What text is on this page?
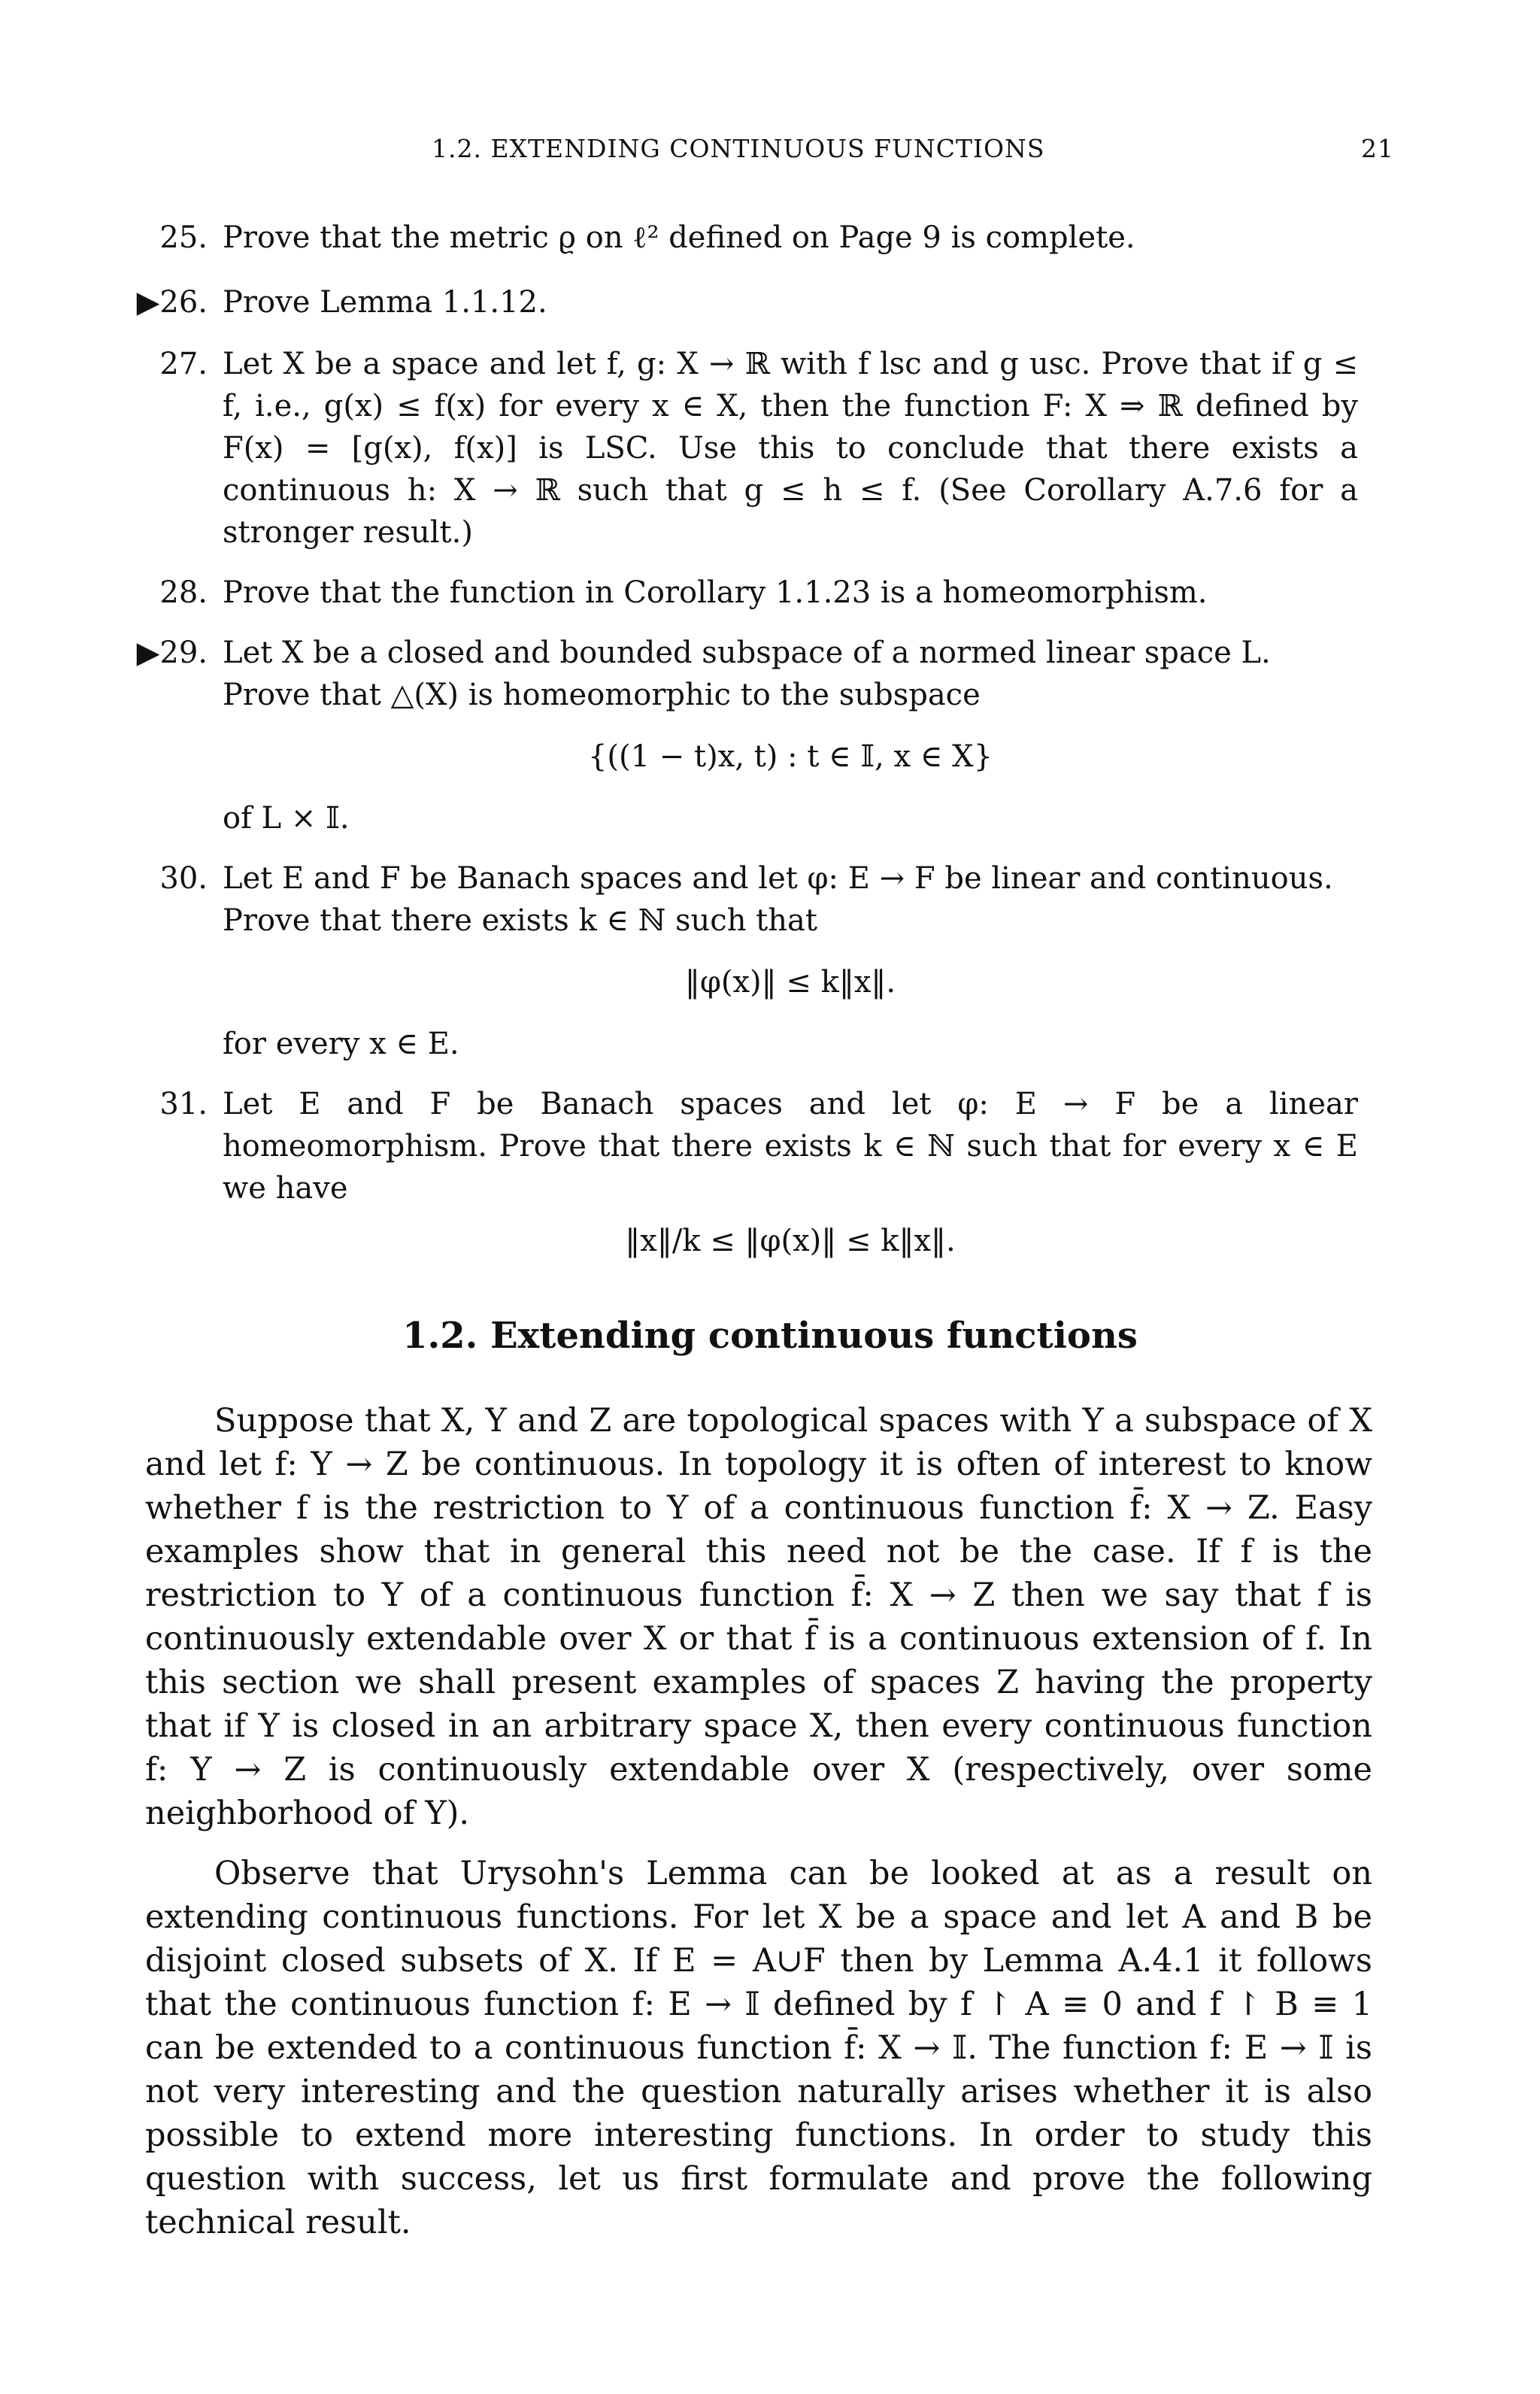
1.2. EXTENDING CONTINUOUS FUNCTIONS	21
25. Prove that the metric ϱ on ℓ² defined on Page 9 is complete.

▶26. Prove Lemma 1.1.12.

27. Let X be a space and let f, g: X → ℝ with f lsc and g usc. Prove that if g ≤ f, i.e., g(x) ≤ f(x) for every x ∈ X, then the function F: X ⇒ ℝ defined by F(x) = [g(x), f(x)] is LSC. Use this to conclude that there exists a continuous h: X → ℝ such that g ≤ h ≤ f. (See Corollary A.7.6 for a stronger result.)

28. Prove that the function in Corollary 1.1.23 is a homeomorphism.

▶29. Let X be a closed and bounded subspace of a normed linear space L. Prove that △(X) is homeomorphic to the subspace

{((1 − t)x, t) : t ∈ 𝕀, x ∈ X}

of L × 𝕀.

30. Let E and F be Banach spaces and let φ: E → F be linear and continuous. Prove that there exists k ∈ ℕ such that

‖φ(x)‖ ≤ k‖x‖.

for every x ∈ E.

31. Let E and F be Banach spaces and let φ: E → F be a linear homeomorphism. Prove that there exists k ∈ ℕ such that for every x ∈ E we have

‖x‖/k ≤ ‖φ(x)‖ ≤ k‖x‖.
1.2. Extending continuous functions

Suppose that X, Y and Z are topological spaces with Y a subspace of X and let f: Y → Z be continuous. In topology it is often of interest to know whether f is the restriction to Y of a continuous function f̄: X → Z. Easy examples show that in general this need not be the case. If f is the restriction to Y of a continuous function f̄: X → Z then we say that f is continuously extendable over X or that f̄ is a continuous extension of f. In this section we shall present examples of spaces Z having the property that if Y is closed in an arbitrary space X, then every continuous function f: Y → Z is continuously extendable over X (respectively, over some neighborhood of Y).

Observe that Urysohn's Lemma can be looked at as a result on extending continuous functions. For let X be a space and let A and B be disjoint closed subsets of X. If E = A∪F then by Lemma A.4.1 it follows that the continuous function f: E → 𝕀 defined by f ↾ A ≡ 0 and f ↾ B ≡ 1 can be extended to a continuous function f̄: X → 𝕀. The function f: E → 𝕀 is not very interesting and the question naturally arises whether it is also possible to extend more interesting functions. In order to study this question with success, let us first formulate and prove the following technical result.
